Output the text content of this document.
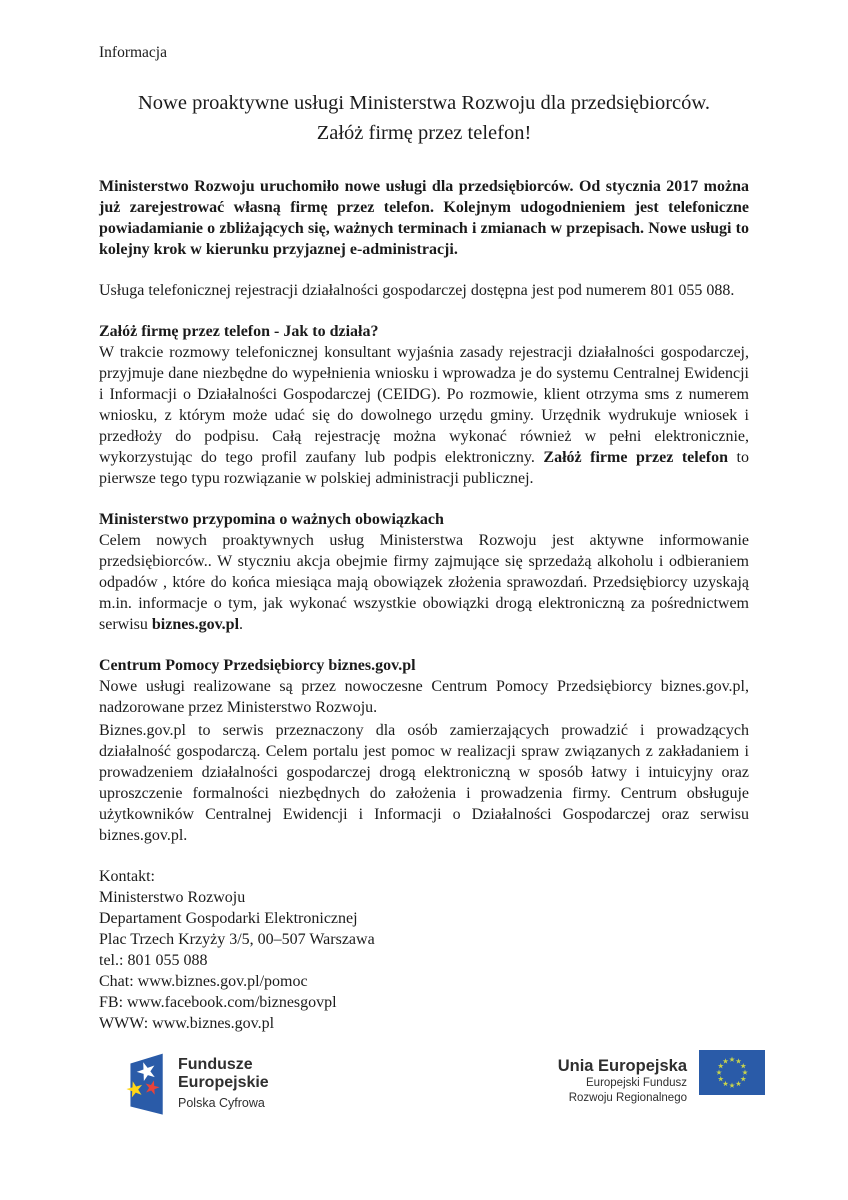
Informacja
Nowe proaktywne usługi Ministerstwa Rozwoju dla przedsiębiorców.
Załóż firmę przez telefon!

Ministerstwo Rozwoju uruchomiło nowe usługi dla przedsiębiorców. Od stycznia 2017 można już zarejestrować własną firmę przez telefon. Kolejnym udogodnieniem jest telefoniczne powiadamianie o zbliżających się, ważnych terminach i zmianach w przepisach. Nowe usługi to kolejny krok w kierunku przyjaznej e-administracji.

Usługa telefonicznej rejestracji działalności gospodarczej dostępna jest pod numerem 801 055 088.

Załóż firmę przez telefon - Jak to działa?
W trakcie rozmowy telefonicznej konsultant wyjaśnia zasady rejestracji działalności gospodarczej, przyjmuje dane niezbędne do wypełnienia wniosku i wprowadza je do systemu Centralnej Ewidencji i Informacji o Działalności Gospodarczej (CEIDG). Po rozmowie, klient otrzyma sms z numerem wniosku, z którym może udać się do dowolnego urzędu gminy. Urzędnik wydrukuje wniosek i przedłoży do podpisu. Całą rejestrację można wykonać również w pełni elektronicznie, wykorzystując do tego profil zaufany lub podpis elektroniczny. Załóż firme przez telefon to pierwsze tego typu rozwiązanie w polskiej administracji publicznej.
Ministerstwo przypomina o ważnych obowiązkach
Celem nowych proaktywnych usług Ministerstwa Rozwoju jest aktywne informowanie przedsiębiorców.. W styczniu akcja obejmie firmy zajmujące się sprzedażą alkoholu i odbieraniem odpadów , które do końca miesiąca mają obowiązek złożenia sprawozdań. Przedsiębiorcy uzyskają m.in. informacje o tym, jak wykonać wszystkie obowiązki drogą elektroniczną za pośrednictwem serwisu biznes.gov.pl.
Centrum Pomocy Przedsiębiorcy biznes.gov.pl

Nowe usługi realizowane są przez nowoczesne Centrum Pomocy Przedsiębiorcy biznes.gov.pl, nadzorowane przez Ministerstwo Rozwoju.

Biznes.gov.pl to serwis przeznaczony dla osób zamierzających prowadzić i prowadzących działalność gospodarczą. Celem portalu jest pomoc w realizacji spraw związanych z zakładaniem i prowadzeniem działalności gospodarczej drogą elektroniczną w sposób łatwy i intuicyjny oraz uproszczenie formalności niezbędnych do założenia i prowadzenia firmy. Centrum obsługuje użytkowników Centralnej Ewidencji i Informacji o Działalności Gospodarczej oraz serwisu biznes.gov.pl.

Kontakt:
Ministerstwo Rozwoju
Departament Gospodarki Elektronicznej
Plac Trzech Krzyży 3/5, 00–507 Warszawa
tel.: 801 055 088
Chat: www.biznes.gov.pl/pomoc
FB: www.facebook.com/biznesgovpl
WWW: www.biznes.gov.pl
Fundusze
Europejskie
Polska Cyfrowa
Unia Europejska
Europejski Fundusz
Rozwoju Regionalnego
